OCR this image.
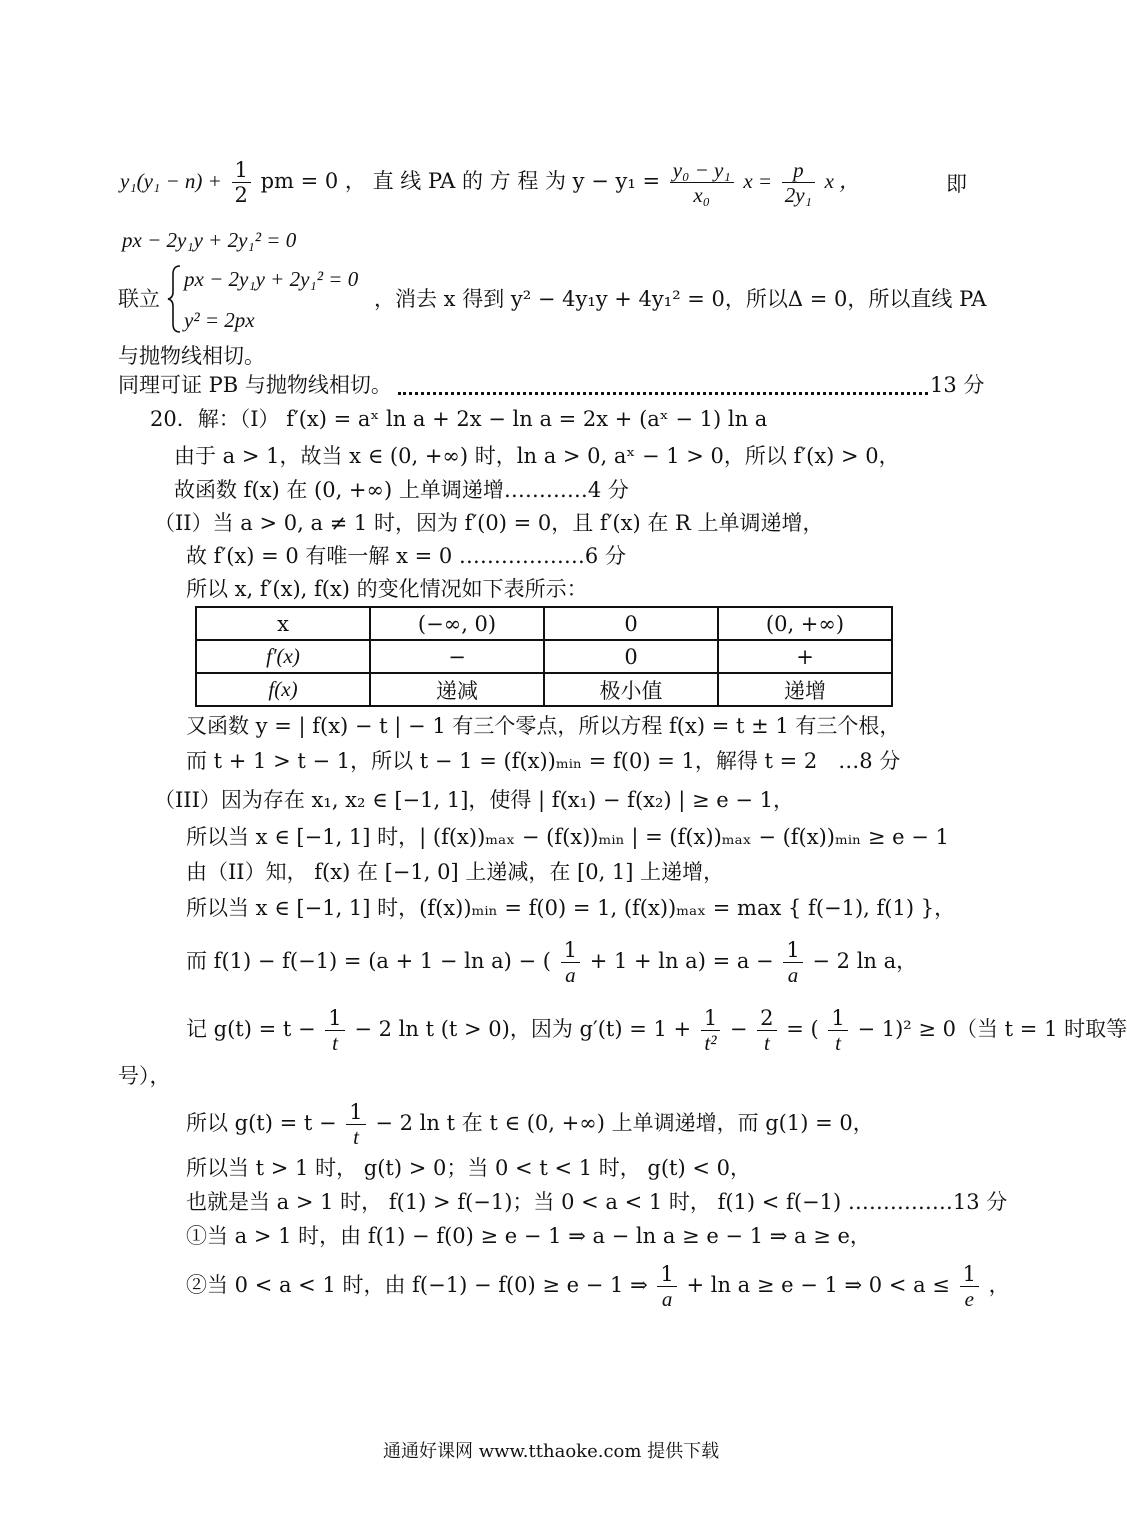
$y_1(y_1 - n) + \frac{1}{2}$ pm = 0 ， 直 线 PA 的 方 程 为 $y - y_1 = \frac{\text{y₀ − y₁}}{\text{x₀}}$ $x = \frac{p}{\text{2y₁}}$ x ，	即
px − 2y₁y + 2y₁² = 0
联立
px − 2y₁y + 2y₁² = 0
y² = 2px
，消去 x 得到 y² − 4y₁y + 4y₁² = 0，所以Δ = 0，所以直线 PA
与抛物线相切。
同理可证 PB 与抛物线相切。	13 分
20．解：（I） f′(x) = aˣ ln a + 2x − ln a = 2x + (aˣ − 1) ln a
由于 a > 1，故当 x ∈ (0, +∞) 时，ln a > 0, aˣ − 1 > 0，所以 f′(x) > 0，
故函数 f(x) 在 (0, +∞) 上单调递增…………4 分
（II）当 a > 0, a ≠ 1 时，因为 f′(0) = 0，且 f′(x) 在 R 上单调递增，
故 f′(x) = 0 有唯一解 x = 0 ………………6 分
所以 x, f′(x), f(x) 的变化情况如下表所示：
x	(−∞, 0)	0	(0, +∞)
f′(x)	−	0	+
f(x)	递减	极小值	递增
又函数 y = | f(x) − t | − 1 有三个零点，所以方程 f(x) = t ± 1 有三个根，
而 t + 1 > t − 1，所以 t − 1 = (f(x))ₘᵢₙ = f(0) = 1，解得 t = 2　…8 分
（III）因为存在 x₁, x₂ ∈ [−1, 1]，使得 | f(x₁) − f(x₂) | ≥ e − 1，
所以当 x ∈ [−1, 1] 时，| (f(x))ₘₐₓ − (f(x))ₘᵢₙ | = (f(x))ₘₐₓ − (f(x))ₘᵢₙ ≥ e − 1
由（II）知， f(x) 在 [−1, 0] 上递减，在 [0, 1] 上递增，
所以当 x ∈ [−1, 1] 时，(f(x))ₘᵢₙ = f(0) = 1, (f(x))ₘₐₓ = max { f(−1), f(1) }，
而 f(1) − f(−1) = (a + 1 − ln a) − ( $\frac{1}{a} + 1 + \ln a) = a - \frac{1}{a} - 2$ ln a，
记 $g(t) = t - \frac{1}{t} - 2$ ln t (t > 0)，因为 $g'(t) = 1 + \frac{1}{\text{t²}} - \frac{2}{t}$ = ( $\frac{1}{t} - 1)^2 \ge 0$（当 t = 1 时取等
号），
所以 $g(t) = t - \frac{1}{t} - 2$ ln t 在 t ∈ (0, +∞) 上单调递增，而 g(1) = 0，
所以当 t > 1 时， g(t) > 0；当 0 < t < 1 时， g(t) < 0，
也就是当 a > 1 时， f(1) > f(−1)；当 0 < a < 1 时， f(1) < f(−1) ……………13 分
①当 a > 1 时，由 f(1) − f(0) ≥ e − 1 ⇒ a − ln a ≥ e − 1 ⇒ a ≥ e，
②当 0 < a < 1 时，由 f(−1) − f(0) ≥ e − 1 ⇒ $\frac{1}{a} + \ln a \ge e - 1$ ⇒ $0 < a \le \frac{1}{e}$ ，
通通好课网 www.tthaoke.com 提供下载
